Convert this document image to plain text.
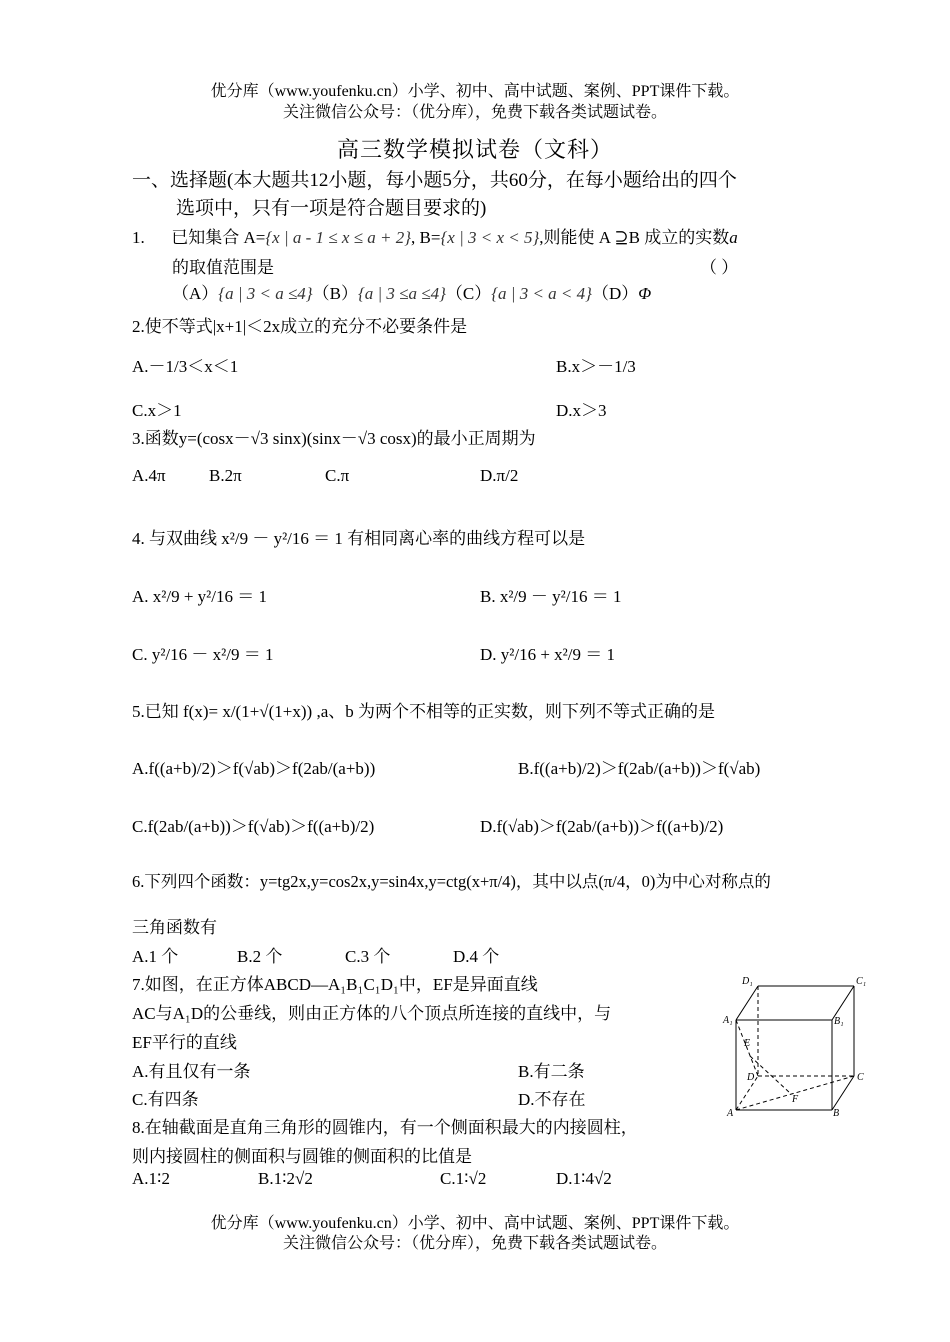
优分库（www.youfenku.cn）小学、初中、高中试题、案例、PPT课件下载。
关注微信公众号：（优分库），免费下载各类试题试卷。
高三数学模拟试卷（文科）
一、选择题(本大题共12小题，每小题5分，共60分，在每小题给出的四个
选项中，只有一项是符合题目要求的)
1. 已知集合 A={x | a - 1 ≤ x ≤ a + 2}, B={x | 3 < x < 5},则能使 A ⊇B 成立的实数a
的取值范围是	（ ）
（A）{a | 3 < a ≤4}（B）{a | 3 ≤a ≤4}（C）{a | 3 < a < 4}（D）Φ
2.使不等式|x+1|＜2x成立的充分不必要条件是
A.－1/3＜x＜1	B.x＞－1/3
C.x＞1	D.x＞3
3.函数y=(cosx－√3 sinx)(sinx－√3 cosx)的最小正周期为
A.4π	B.2π	C.π	D.π/2
4. 与双曲线 x²/9 － y²/16 ＝ 1 有相同离心率的曲线方程可以是
A. x²/9 + y²/16 ＝ 1	B. x²/9 － y²/16 ＝ 1
C. y²/16 － x²/9 ＝ 1	D. y²/16 + x²/9 ＝ 1
5.已知 f(x)= x/(1+√(1+x)) ,a、b 为两个不相等的正实数，则下列不等式正确的是
A.f((a+b)/2)＞f(√ab)＞f(2ab/(a+b))	B.f((a+b)/2)＞f(2ab/(a+b))＞f(√ab)
C.f(2ab/(a+b))＞f(√ab)＞f((a+b)/2)	D.f(√ab)＞f(2ab/(a+b))＞f((a+b)/2)
6.下列四个函数：y=tg2x,y=cos2x,y=sin4x,y=ctg(x+π/4)，其中以点(π/4，0)为中心对称点的
三角函数有
A.1 个	B.2 个	C.3 个	D.4 个
7.如图，在正方体ABCD—A₁B₁C₁D₁中，EF是异面直线
AC与A₁D的公垂线，则由正方体的八个顶点所连接的直线中，与
EF平行的直线
A.有且仅有一条	B.有二条
C.有四条	D.不存在
D₁	C₁
A₁	B₁
E
D	C
A
F
B
8.在轴截面是直角三角形的圆锥内，有一个侧面积最大的内接圆柱，
则内接圆柱的侧面积与圆锥的侧面积的比值是
A.1∶2	B.1∶2√2	C.1∶√2	D.1∶4√2
优分库（www.youfenku.cn）小学、初中、高中试题、案例、PPT课件下载。
关注微信公众号：（优分库），免费下载各类试题试卷。
